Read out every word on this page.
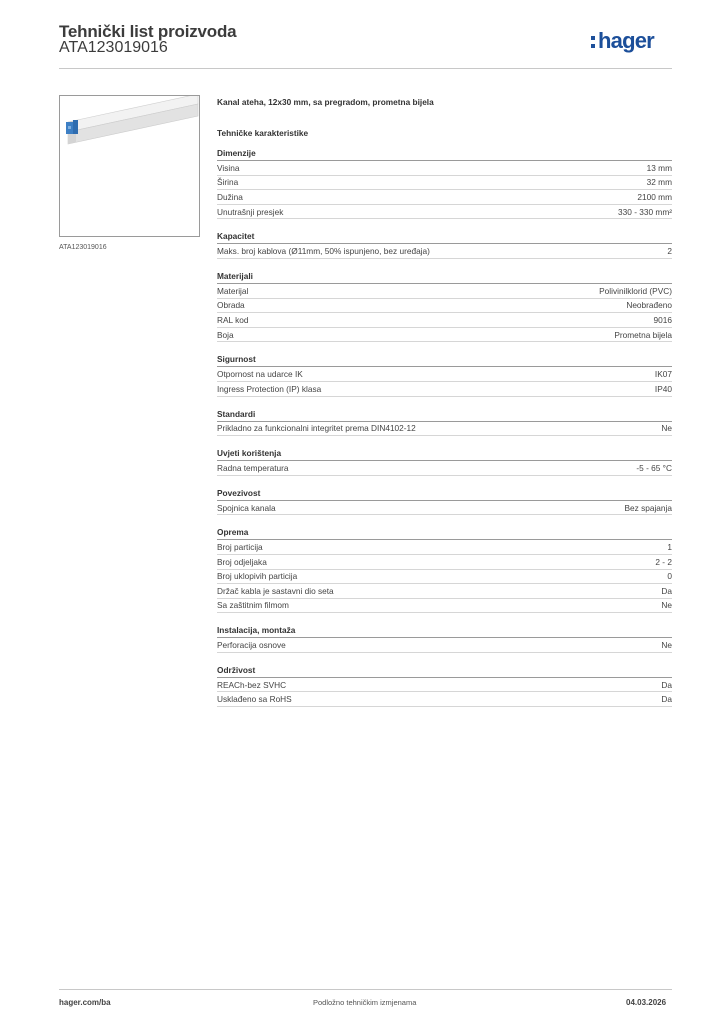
Tehnički list proizvoda
ATA123019016	hager
ATA123019016
Kanal ateha, 12x30 mm, sa pregradom, prometna bijela
Tehničke karakteristike
Dimenzije
Visina	13 mm
Širina	32 mm
Dužina	2100 mm
Unutrašnji presjek	330 - 330 mm²
Kapacitet
Maks. broj kablova (Ø11mm, 50% ispunjeno, bez uređaja)	2
Materijali
Materijal	Polivinilklorid (PVC)
Obrada	Neobrađeno
RAL kod	9016
Boja	Prometna bijela
Sigurnost
Otpornost na udarce IK	IK07
Ingress Protection (IP) klasa	IP40
Standardi
Prikladno za funkcionalni integritet prema DIN4102-12	Ne
Uvjeti korištenja
Radna temperatura	-5 - 65 °C
Povezivost
Spojnica kanala	Bez spajanja
Oprema
Broj particija	1
Broj odjeljaka	2 - 2
Broj uklopivih particija	0
Držač kabla je sastavni dio seta	Da
Sa zaštitnim filmom	Ne
Instalacija, montaža
Perforacija osnove	Ne
Održivost
REACh-bez SVHC	Da
Usklađeno sa RoHS	Da
hager.com/ba	Podložno tehničkim izmjenama	04.03.2026
